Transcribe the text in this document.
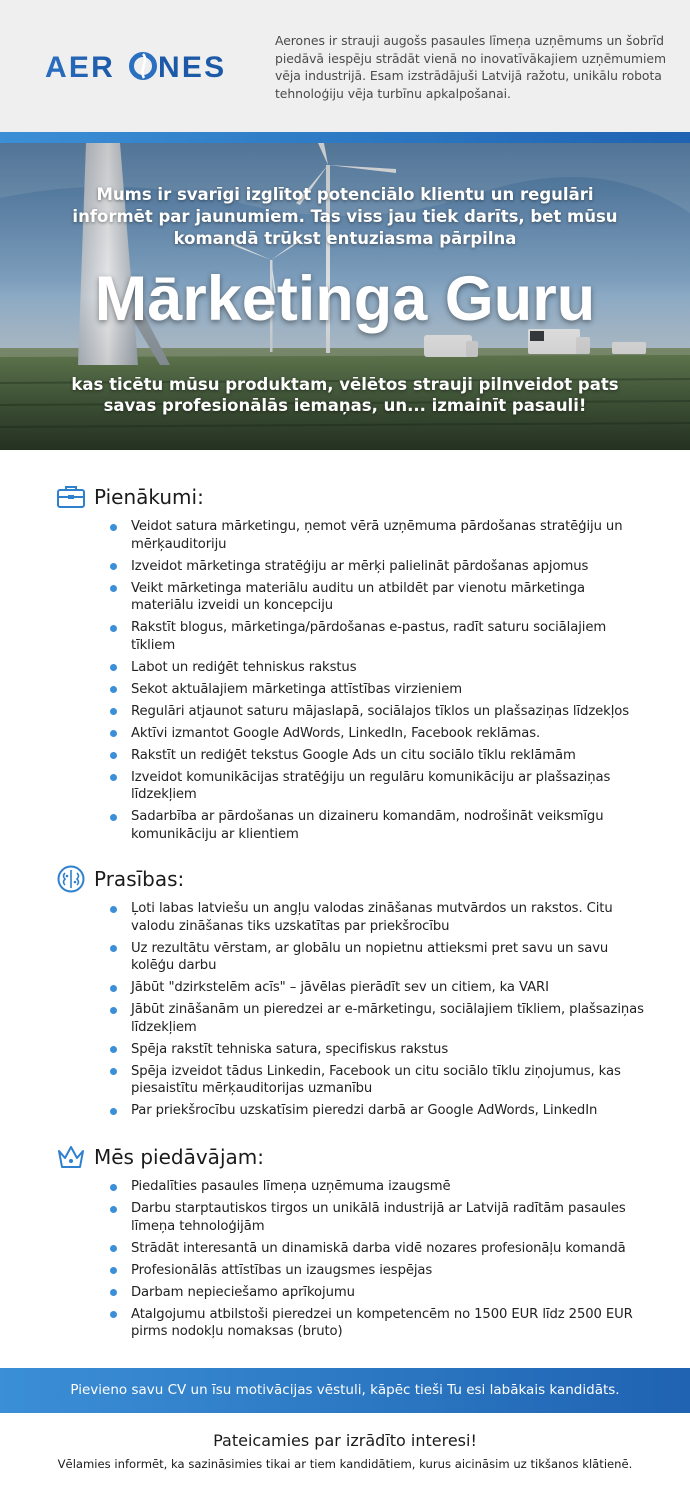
AER NES
Aerones ir strauji augošs pasaules līmeņa uzņēmums un šobrīd piedāvā iespēju strādāt vienā no inovatīvākajiem uzņēmumiem vēja industrijā. Esam izstrādājuši Latvijā ražotu, unikālu robota tehnoloģiju vēja turbīnu apkalpošanai.
Mums ir svarīgi izglītot potenciālo klientu un regulāri informēt par jaunumiem. Tas viss jau tiek darīts, bet mūsu komandā trūkst entuziasma pārpilna
Mārketinga Guru
kas ticētu mūsu produktam, vēlētos strauji pilnveidot pats savas profesionālās iemaņas, un... izmainīt pasauli!
Pienākumi:
Veidot satura mārketingu, ņemot vērā uzņēmuma pārdošanas stratēģiju un mērķauditoriju
Izveidot mārketinga stratēģiju ar mērķi palielināt pārdošanas apjomus
Veikt mārketinga materiālu auditu un atbildēt par vienotu mārketinga materiālu izveidi un koncepciju
Rakstīt blogus, mārketinga/pārdošanas e-pastus, radīt saturu sociālajiem tīkliem
Labot un rediģēt tehniskus rakstus
Sekot aktuālajiem mārketinga attīstības virzieniem
Regulāri atjaunot saturu mājaslapā, sociālajos tīklos un plašsaziņas līdzekļos
Aktīvi izmantot Google AdWords, LinkedIn, Facebook reklāmas.
Rakstīt un rediģēt tekstus Google Ads un citu sociālo tīklu reklāmām
Izveidot komunikācijas stratēģiju un regulāru komunikāciju ar plašsaziņas līdzekļiem
Sadarbība ar pārdošanas un dizaineru komandām, nodrošināt veiksmīgu komunikāciju ar klientiem
Prasības:
Ļoti labas latviešu un angļu valodas zināšanas mutvārdos un rakstos. Citu valodu zināšanas tiks uzskatītas par priekšrocību
Uz rezultātu vērstam, ar globālu un nopietnu attieksmi pret savu un savu kolēģu darbu
Jābūt "dzirkstelēm acīs" – jāvēlas pierādīt sev un citiem, ka VARI
Jābūt zināšanām un pieredzei ar e-mārketingu, sociālajiem tīkliem, plašsaziņas līdzekļiem
Spēja rakstīt tehniska satura, specifiskus rakstus
Spēja izveidot tādus Linkedin, Facebook un citu sociālo tīklu ziņojumus, kas piesaistītu mērķauditorijas uzmanību
Par priekšrocību uzskatīsim pieredzi darbā ar Google AdWords, LinkedIn
Mēs piedāvājam:
Piedalīties pasaules līmeņa uzņēmuma izaugsmē
Darbu starptautiskos tirgos un unikālā industrijā ar Latvijā radītām pasaules līmeņa tehnoloģijām
Strādāt interesantā un dinamiskā darba vidē nozares profesionāļu komandā
Profesionālās attīstības un izaugsmes iespējas
Darbam nepieciešamo aprīkojumu
Atalgojumu atbilstoši pieredzei un kompetencēm no 1500 EUR līdz 2500 EUR pirms nodokļu nomaksas (bruto)
Pievieno savu CV un īsu motivācijas vēstuli, kāpēc tieši Tu esi labākais kandidāts.
Pateicamies par izrādīto interesi!
Vēlamies informēt, ka sazināsimies tikai ar tiem kandidātiem, kurus aicināsim uz tikšanos klātienē.
